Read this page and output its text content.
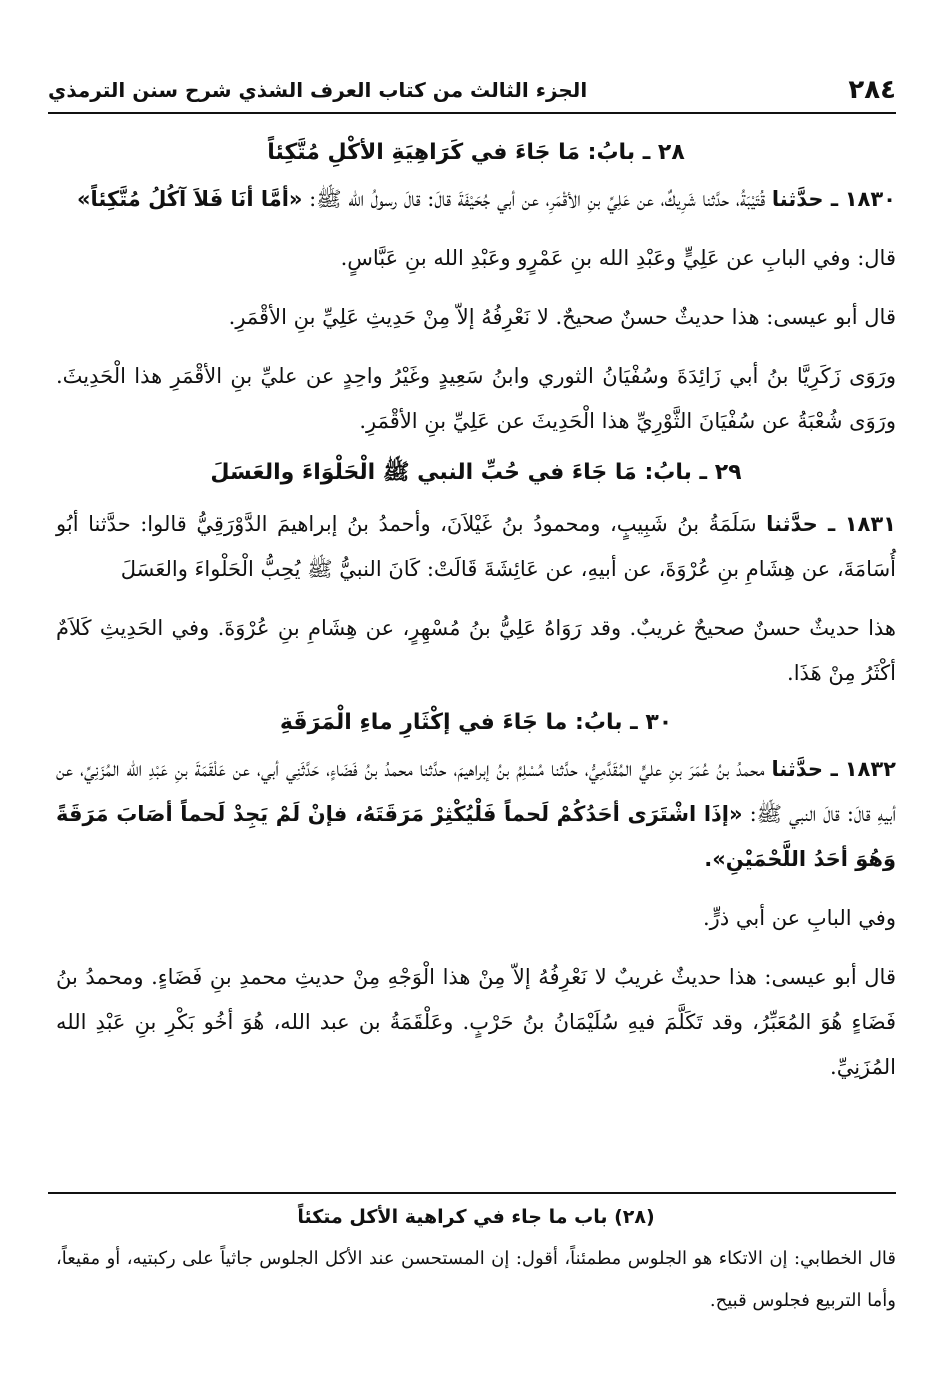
٢٨٤
الجزء الثالث من كتاب العرف الشذي شرح سنن الترمذي
٢٨ ـ بابُ: مَا جَاءَ في كَرَاهِيَةِ الأكْلِ مُتَّكِئاً

١٨٣٠ ـ حدَّثنا قُتَيْبَةُ، حدَّثنا شَرِيكٌ، عن عَلِيِّ بنِ الأقْمَرِ، عن أبي جُحَيْفَةَ قالَ: قالَ رسولُ الله ﷺ: «أمَّا أنَا فَلاَ آكُلُ مُتَّكِئاً»

قال: وفي البابِ عن عَلِيٍّ وعَبْدِ الله بنِ عَمْرٍو وعَبْدِ الله بنِ عَبَّاسٍ.

قال أبو عيسى: هذا حديثٌ حسنٌ صحيحٌ. لا نَعْرِفُهُ إلاّ مِنْ حَدِيثِ عَلِيِّ بنِ الأقْمَرِ.

ورَوَى زَكَرِيَّا بنُ أبي زَائِدَةَ وسُفْيَانُ الثوري وابنُ سَعِيدٍ وغَيْرُ واحِدٍ عن عليِّ بنِ الأقْمَرِ هذا الْحَدِيثَ. ورَوَى شُعْبَةُ عن سُفْيَانَ الثَّوْرِيِّ هذا الْحَدِيثَ عن عَلِيِّ بنِ الأقْمَرِ.

٢٩ ـ بابُ: مَا جَاءَ في حُبِّ النبي ﷺ الْحَلْوَاءَ والعَسَلَ

١٨٣١ ـ حدَّثنا سَلَمَةُ بنُ شَبِيبٍ، ومحمودُ بنُ غَيْلاَنَ، وأحمدُ بنُ إبراهيمَ الدَّوْرَقِيُّ قالوا: حدَّثنا أبُو أُسَامَةَ، عن هِشَامِ بنِ عُرْوَةَ، عن أبيهِ، عن عَائِشَةَ قَالَتْ: كَانَ النبيُّ ﷺ يُحِبُّ الْحَلْواءَ والعَسَلَ

هذا حديثٌ حسنٌ صحيحٌ غريبٌ. وقد رَوَاهُ عَلِيُّ بنُ مُسْهِرٍ، عن هِشَامِ بنِ عُرْوَةَ. وفي الحَدِيثِ كَلاَمٌ أكْثَرُ مِنْ هَذَا.

٣٠ ـ بابُ: ما جَاءَ في إكْثَارِ ماءِ الْمَرَقَةِ

١٨٣٢ ـ حدَّثنا محمدُ بنُ عُمَرَ بنِ عليٍّ المُقَدَّمِيُّ، حدَّثنا مُسْلِمُ بنُ إبراهيمَ، حدَّثنا محمدُ بنُ فَضَاءٍ، حَدَّثَنِي أبي، عن عَلْقَمَةَ بنِ عَبْدِ الله المُزَنِيِّ، عن أبيهِ قالَ: قالَ النبي ﷺ: «إذَا اشْتَرَى أحَدُكُمْ لَحماً فَلْيُكْثِرْ مَرَقَتَهُ، فإنْ لَمْ يَجِدْ لَحماً أصَابَ مَرَقَةً وَهُوَ أحَدُ اللَّحْمَيْنِ».

وفي البابِ عن أبي ذرٍّ.

قال أبو عيسى: هذا حديثٌ غريبٌ لا نَعْرِفُهُ إلاّ مِنْ هذا الْوَجْهِ مِنْ حديثِ محمدِ بنِ فَضَاءٍ. ومحمدُ بنُ فَضَاءٍ هُوَ المُعَبِّرُ، وقد تَكَلَّمَ فيهِ سُلَيْمَانُ بنُ حَرْبٍ. وعَلْقَمَةُ بن عبد الله، هُوَ أخُو بَكْرِ بنِ عَبْدِ الله المُزَنِيِّ.

(٢٨) باب ما جاء في كراهية الأكل متكئاً

قال الخطابي: إن الاتكاء هو الجلوس مطمئناً، أقول: إن المستحسن عند الأكل الجلوس جاثياً على ركبتيه، أو مقيعاً، وأما التربيع فجلوس قبيح.
